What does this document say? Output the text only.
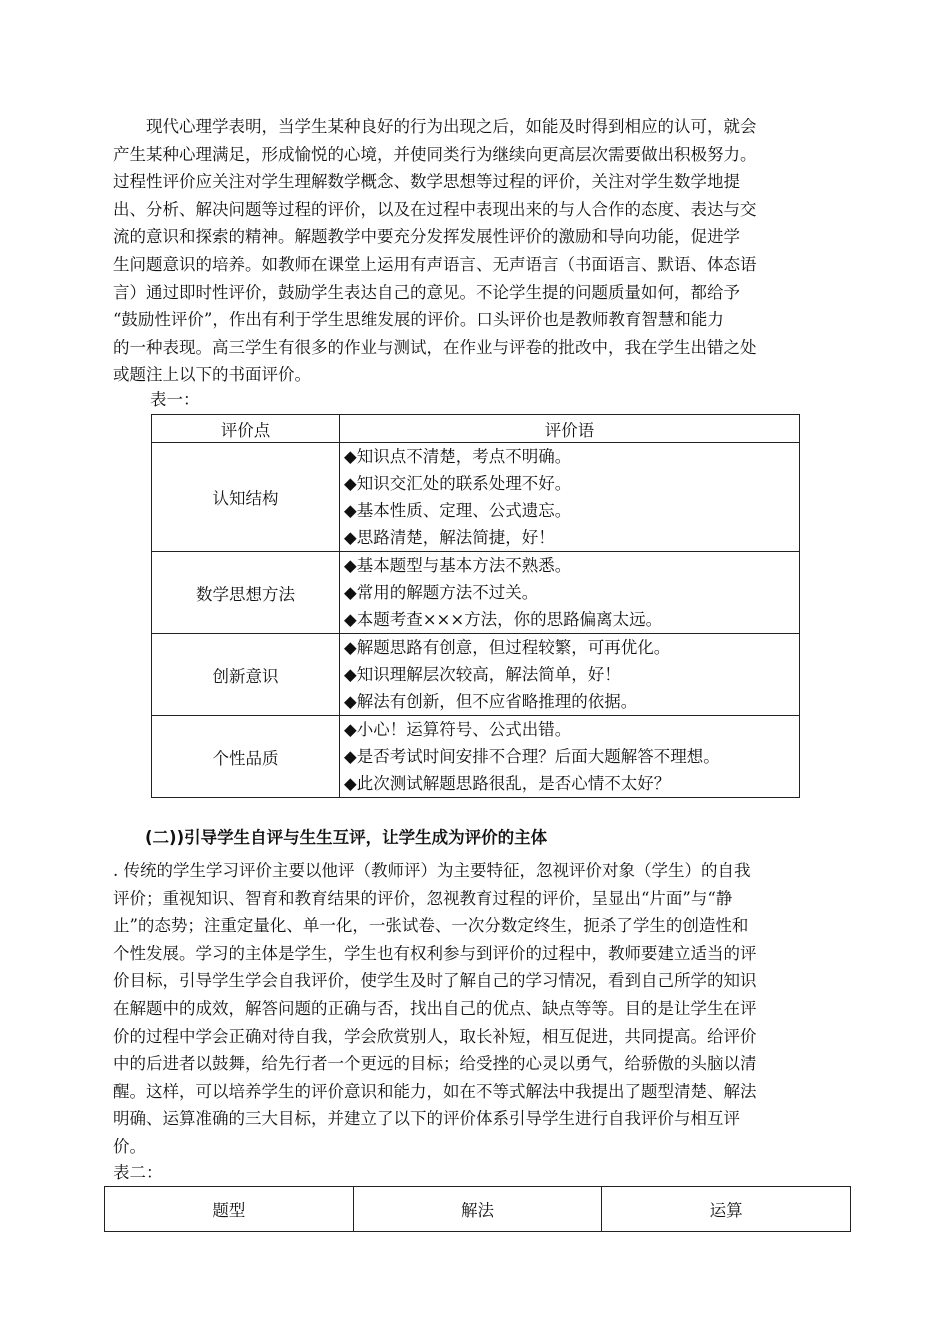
　　现代心理学表明，当学生某种良好的行为出现之后，如能及时得到相应的认可，就会
产生某种心理满足，形成愉悦的心境，并使同类行为继续向更高层次需要做出积极努力。
过程性评价应关注对学生理解数学概念、数学思想等过程的评价，关注对学生数学地提
出、分析、解决问题等过程的评价，以及在过程中表现出来的与人合作的态度、表达与交
流的意识和探索的精神。解题教学中要充分发挥发展性评价的激励和导向功能，促进学
生问题意识的培养。如教师在课堂上运用有声语言、无声语言（书面语言、默语、体态语
言）通过即时性评价，鼓励学生表达自己的意见。不论学生提的问题质量如何，都给予
“鼓励性评价”，作出有利于学生思维发展的评价。口头评价也是教师教育智慧和能力
的一种表现。高三学生有很多的作业与测试，在作业与评卷的批改中，我在学生出错之处
或题注上以下的书面评价。
表一：
评价点	评价语
认知结构	◆知识点不清楚，考点不明确。
◆知识交汇处的联系处理不好。
◆基本性质、定理、公式遗忘。
◆思路清楚，解法简捷，好！

数学思想方法	◆基本题型与基本方法不熟悉。
◆常用的解题方法不过关。
◆本题考查×××方法，你的思路偏离太远。

创新意识	◆解题思路有创意，但过程较繁，可再优化。
◆知识理解层次较高，解法简单，好！
◆解法有创新，但不应省略推理的依据。

个性品质	◆小心！运算符号、公式出错。
◆是否考试时间安排不合理？后面大题解答不理想。
◆此次测试解题思路很乱，是否心情不太好？
(二))引导学生自评与生生互评，让学生成为评价的主体
. 传统的学生学习评价主要以他评（教师评）为主要特征，忽视评价对象（学生）的自我
评价；重视知识、智育和教育结果的评价，忽视教育过程的评价，呈显出“片面”与“静
止”的态势；注重定量化、单一化，一张试卷、一次分数定终生，扼杀了学生的创造性和
个性发展。学习的主体是学生，学生也有权利参与到评价的过程中，教师要建立适当的评
价目标，引导学生学会自我评价，使学生及时了解自己的学习情况，看到自己所学的知识
在解题中的成效，解答问题的正确与否，找出自己的优点、缺点等等。目的是让学生在评
价的过程中学会正确对待自我，学会欣赏别人，取长补短，相互促进，共同提高。给评价
中的后进者以鼓舞，给先行者一个更远的目标；给受挫的心灵以勇气，给骄傲的头脑以清
醒。这样，可以培养学生的评价意识和能力，如在不等式解法中我提出了题型清楚、解法
明确、运算准确的三大目标，并建立了以下的评价体系引导学生进行自我评价与相互评
价。
表二：
题型	解法	运算
